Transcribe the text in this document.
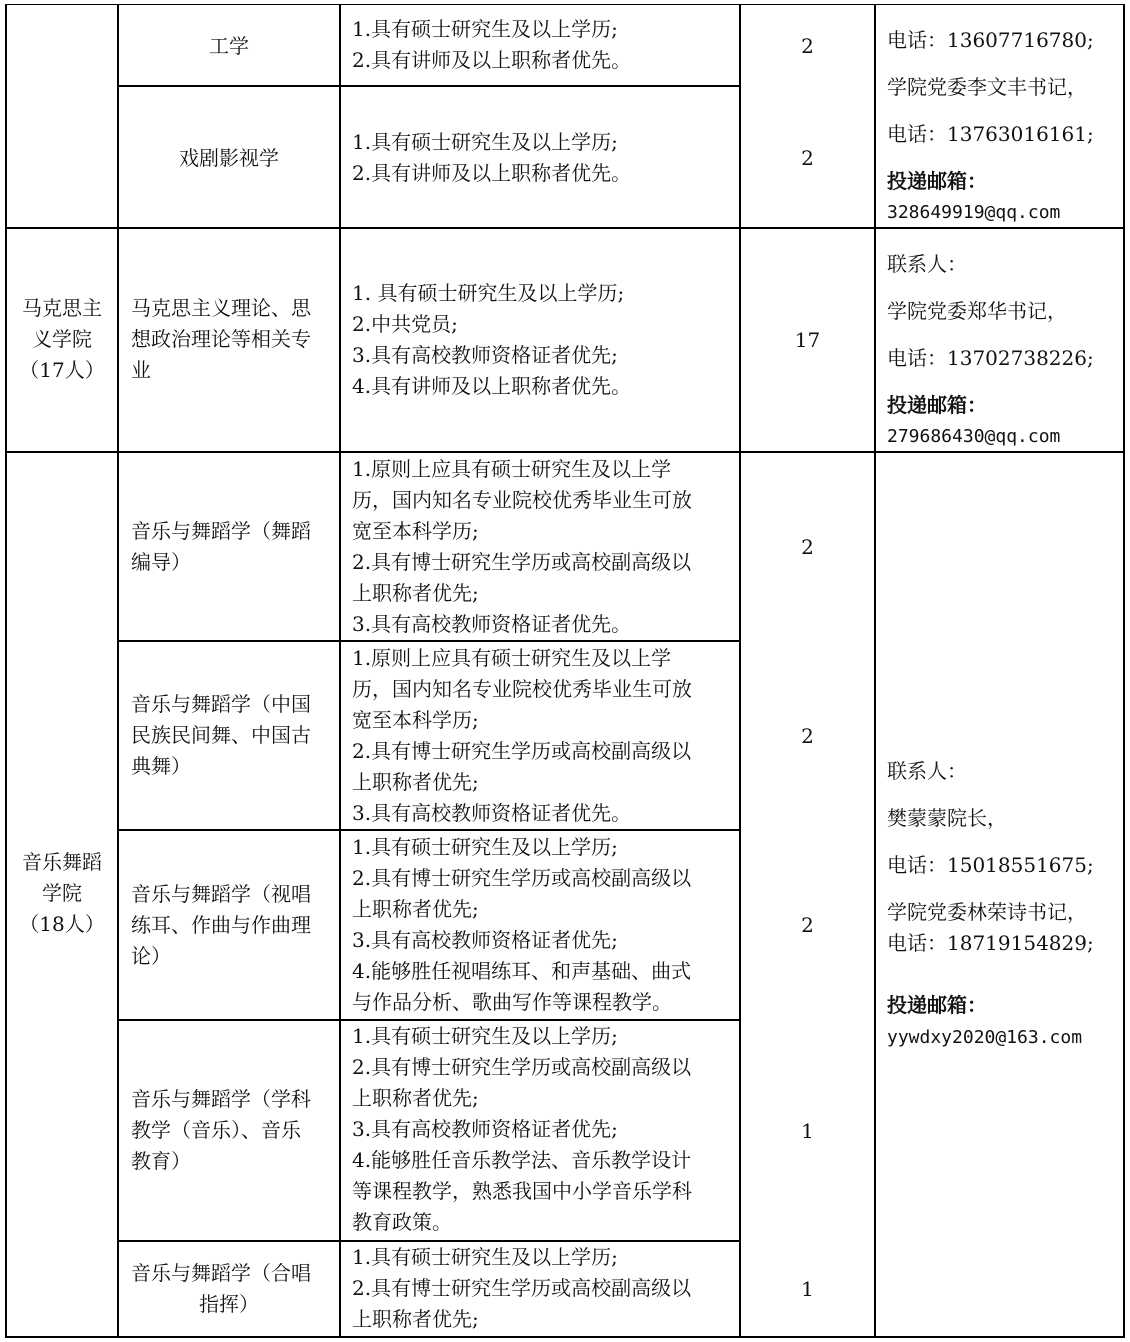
工学
1.具有硕士研究生及以上学历;
2.具有讲师及以上职称者优先。
2
戏剧影视学
1.具有硕士研究生及以上学历;
2.具有讲师及以上职称者优先。
2
电话：13607716780;
学院党委李文丰书记，
电话：13763016161;
投递邮箱：
328649919@qq.com
马克思主
义学院
（17人）
马克思主义理论、思
想政治理论等相关专
业
1. 具有硕士研究生及以上学历;
2.中共党员;
3.具有高校教师资格证者优先;
4.具有讲师及以上职称者优先。
17
联系人：
学院党委郑华书记，
电话：13702738226;
投递邮箱：
279686430@qq.com
音乐舞蹈
学院
（18人）
音乐与舞蹈学（舞蹈
编导）
1.原则上应具有硕士研究生及以上学
历，国内知名专业院校优秀毕业生可放
宽至本科学历;
2.具有博士研究生学历或高校副高级以
上职称者优先;
3.具有高校教师资格证者优先。
2
音乐与舞蹈学（中国
民族民间舞、中国古
典舞）
1.原则上应具有硕士研究生及以上学
历，国内知名专业院校优秀毕业生可放
宽至本科学历;
2.具有博士研究生学历或高校副高级以
上职称者优先;
3.具有高校教师资格证者优先。
2
音乐与舞蹈学（视唱
练耳、作曲与作曲理
论）
1.具有硕士研究生及以上学历;
2.具有博士研究生学历或高校副高级以
上职称者优先;
3.具有高校教师资格证者优先;
4.能够胜任视唱练耳、和声基础、曲式
与作品分析、歌曲写作等课程教学。
2
音乐与舞蹈学（学科
教学（音乐）、音乐
教育）
1.具有硕士研究生及以上学历;
2.具有博士研究生学历或高校副高级以
上职称者优先;
3.具有高校教师资格证者优先;
4.能够胜任音乐教学法、音乐教学设计
等课程教学，熟悉我国中小学音乐学科
教育政策。
1
音乐与舞蹈学（合唱
指挥）
1.具有硕士研究生及以上学历;
2.具有博士研究生学历或高校副高级以
上职称者优先;
1
联系人：
樊蒙蒙院长，
电话：15018551675;
学院党委林荣诗书记，
电话：18719154829;
投递邮箱：
yywdxy2020@163.com
